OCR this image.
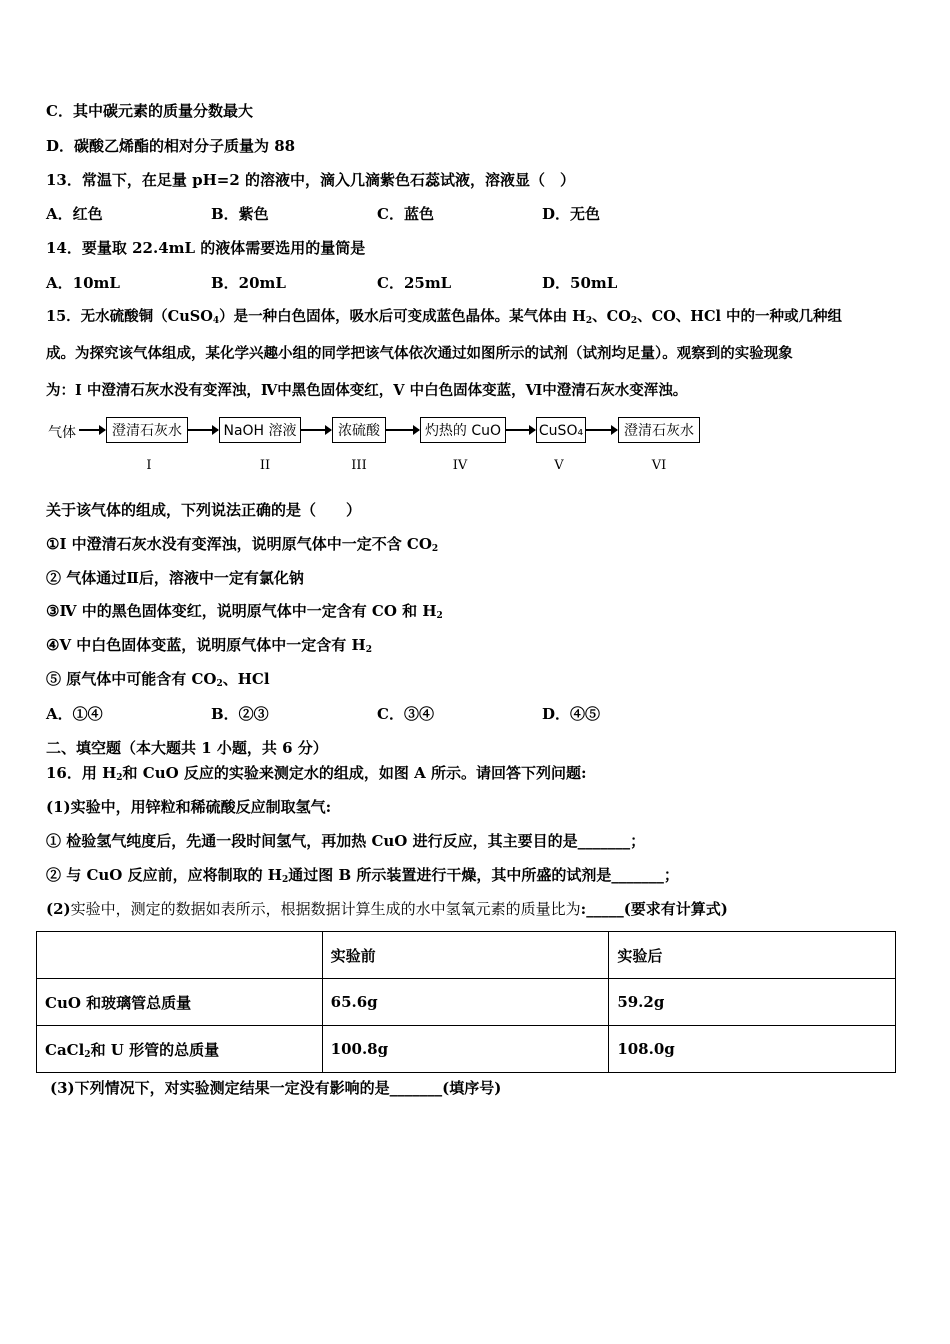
C．其中碳元素的质量分数最大
D．碳酸乙烯酯的相对分子质量为 88
13．常温下，在足量 pH=2 的溶液中，滴入几滴紫色石蕊试液，溶液显（　）
A．红色	B．紫色	C．蓝色	D．无色
14．要量取 22.4mL 的液体需要选用的量筒是
A．10mL	B．20mL	C．25mL	D．50mL
15．无水硫酸铜（CuSO$_4$）是一种白色固体，吸水后可变成蓝色晶体。某气体由 $H_2$、$CO_2$、CO、HCl 中的一种或几种组
成。为探究该气体组成，某化学兴趣小组的同学把该气体依次通过如图所示的试剂（试剂均足量）。观察到的实验现象
为：I 中澄清石灰水没有变浑浊，Ⅳ中黑色固体变红，V 中白色固体变蓝，Ⅵ中澄清石灰水变浑浊。
气体	澄清石灰水	NaOH 溶液	浓硫酸	灼热的 CuO	CuSO₄	澄清石灰水
I	II	III	IV	V	VI
关于该气体的组成，下列说法正确的是（　　）
①I 中澄清石灰水没有变浑浊，说明原气体中一定不含 $CO_2$
② 气体通过Ⅱ后，溶液中一定有氯化钠
③Ⅳ 中的黑色固体变红，说明原气体中一定含有 CO 和 $H_2$
④V 中白色固体变蓝，说明原气体中一定含有 $H_2$
⑤ 原气体中可能含有 $CO_2$、HCl
A．①④	B．②③	C．③④	D．④⑤
二、填空题（本大题共 1 小题，共 6 分）
16．用 $H_2$和 CuO 反应的实验来测定水的组成，如图 A 所示。请回答下列问题:
(1)实验中，用锌粒和稀硫酸反应制取氢气:
① 检验氢气纯度后，先通一段时间氢气，再加热 CuO 进行反应，其主要目的是_______；
② 与 CuO 反应前，应将制取的 $H_2$通过图 B 所示装置进行干燥，其中所盛的试剂是_______；
(2)实验中，测定的数据如表所示，根据数据计算生成的水中氢氧元素的质量比为:_____(要求有计算式)
	实验前	实验后
CuO 和玻璃管总质量	65.6g	59.2g
CaCl$_2$和 U 形管的总质量	100.8g	108.0g
(3)下列情况下，对实验测定结果一定没有影响的是_______(填序号)
